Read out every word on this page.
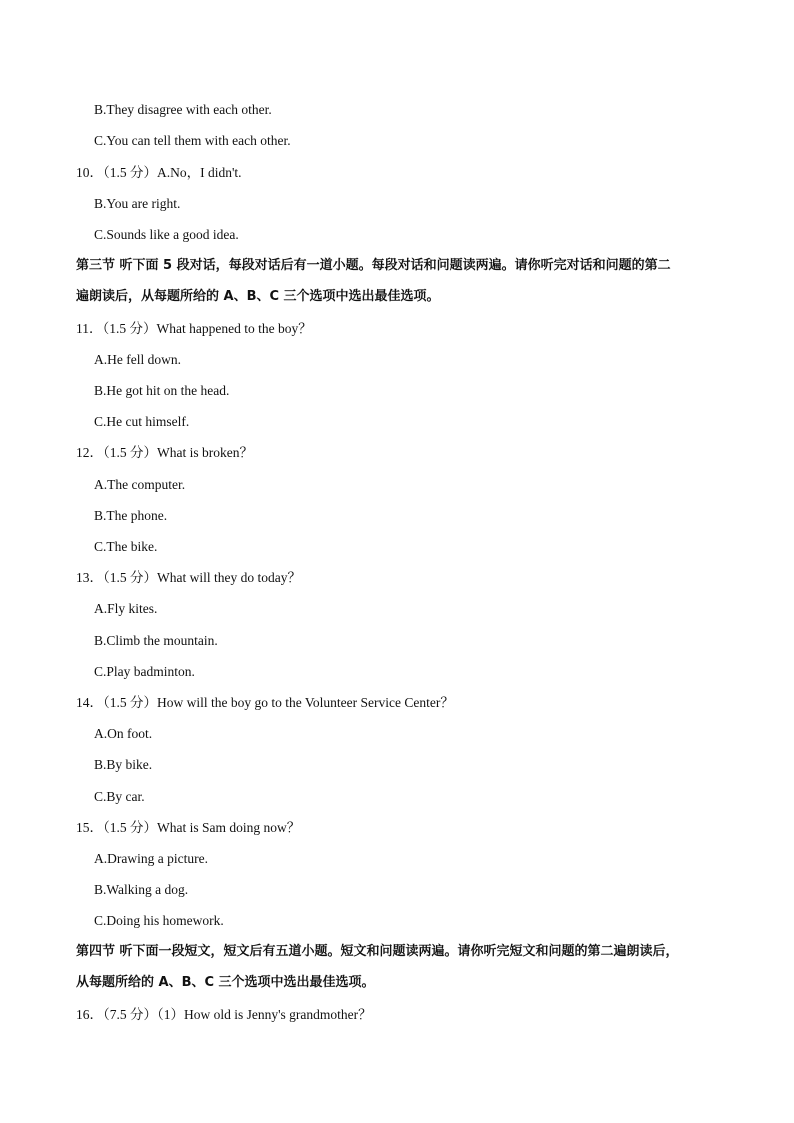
B.They disagree with each other.
C.You can tell them with each other.
10．（1.5 分）A.No，I didn't.
B.You are right.
C.Sounds like a good idea.
第三节 听下面 5 段对话，每段对话后有一道小题。每段对话和问题读两遍。请你听完对话和问题的第二
遍朗读后，从每题所给的 A、B、C 三个选项中选出最佳选项。
11．（1.5 分）What happened to the boy？
A.He fell down.
B.He got hit on the head.
C.He cut himself.
12．（1.5 分）What is broken？
A.The computer.
B.The phone.
C.The bike.
13．（1.5 分）What will they do today？
A.Fly kites.
B.Climb the mountain.
C.Play badminton.
14．（1.5 分）How will the boy go to the Volunteer Service Center？
A.On foot.
B.By bike.
C.By car.
15．（1.5 分）What is Sam doing now？
A.Drawing a picture.
B.Walking a dog.
C.Doing his homework.
第四节 听下面一段短文，短文后有五道小题。短文和问题读两遍。请你听完短文和问题的第二遍朗读后，
从每题所给的 A、B、C 三个选项中选出最佳选项。
16．（7.5 分）（1）How old is Jenny's grandmother？
